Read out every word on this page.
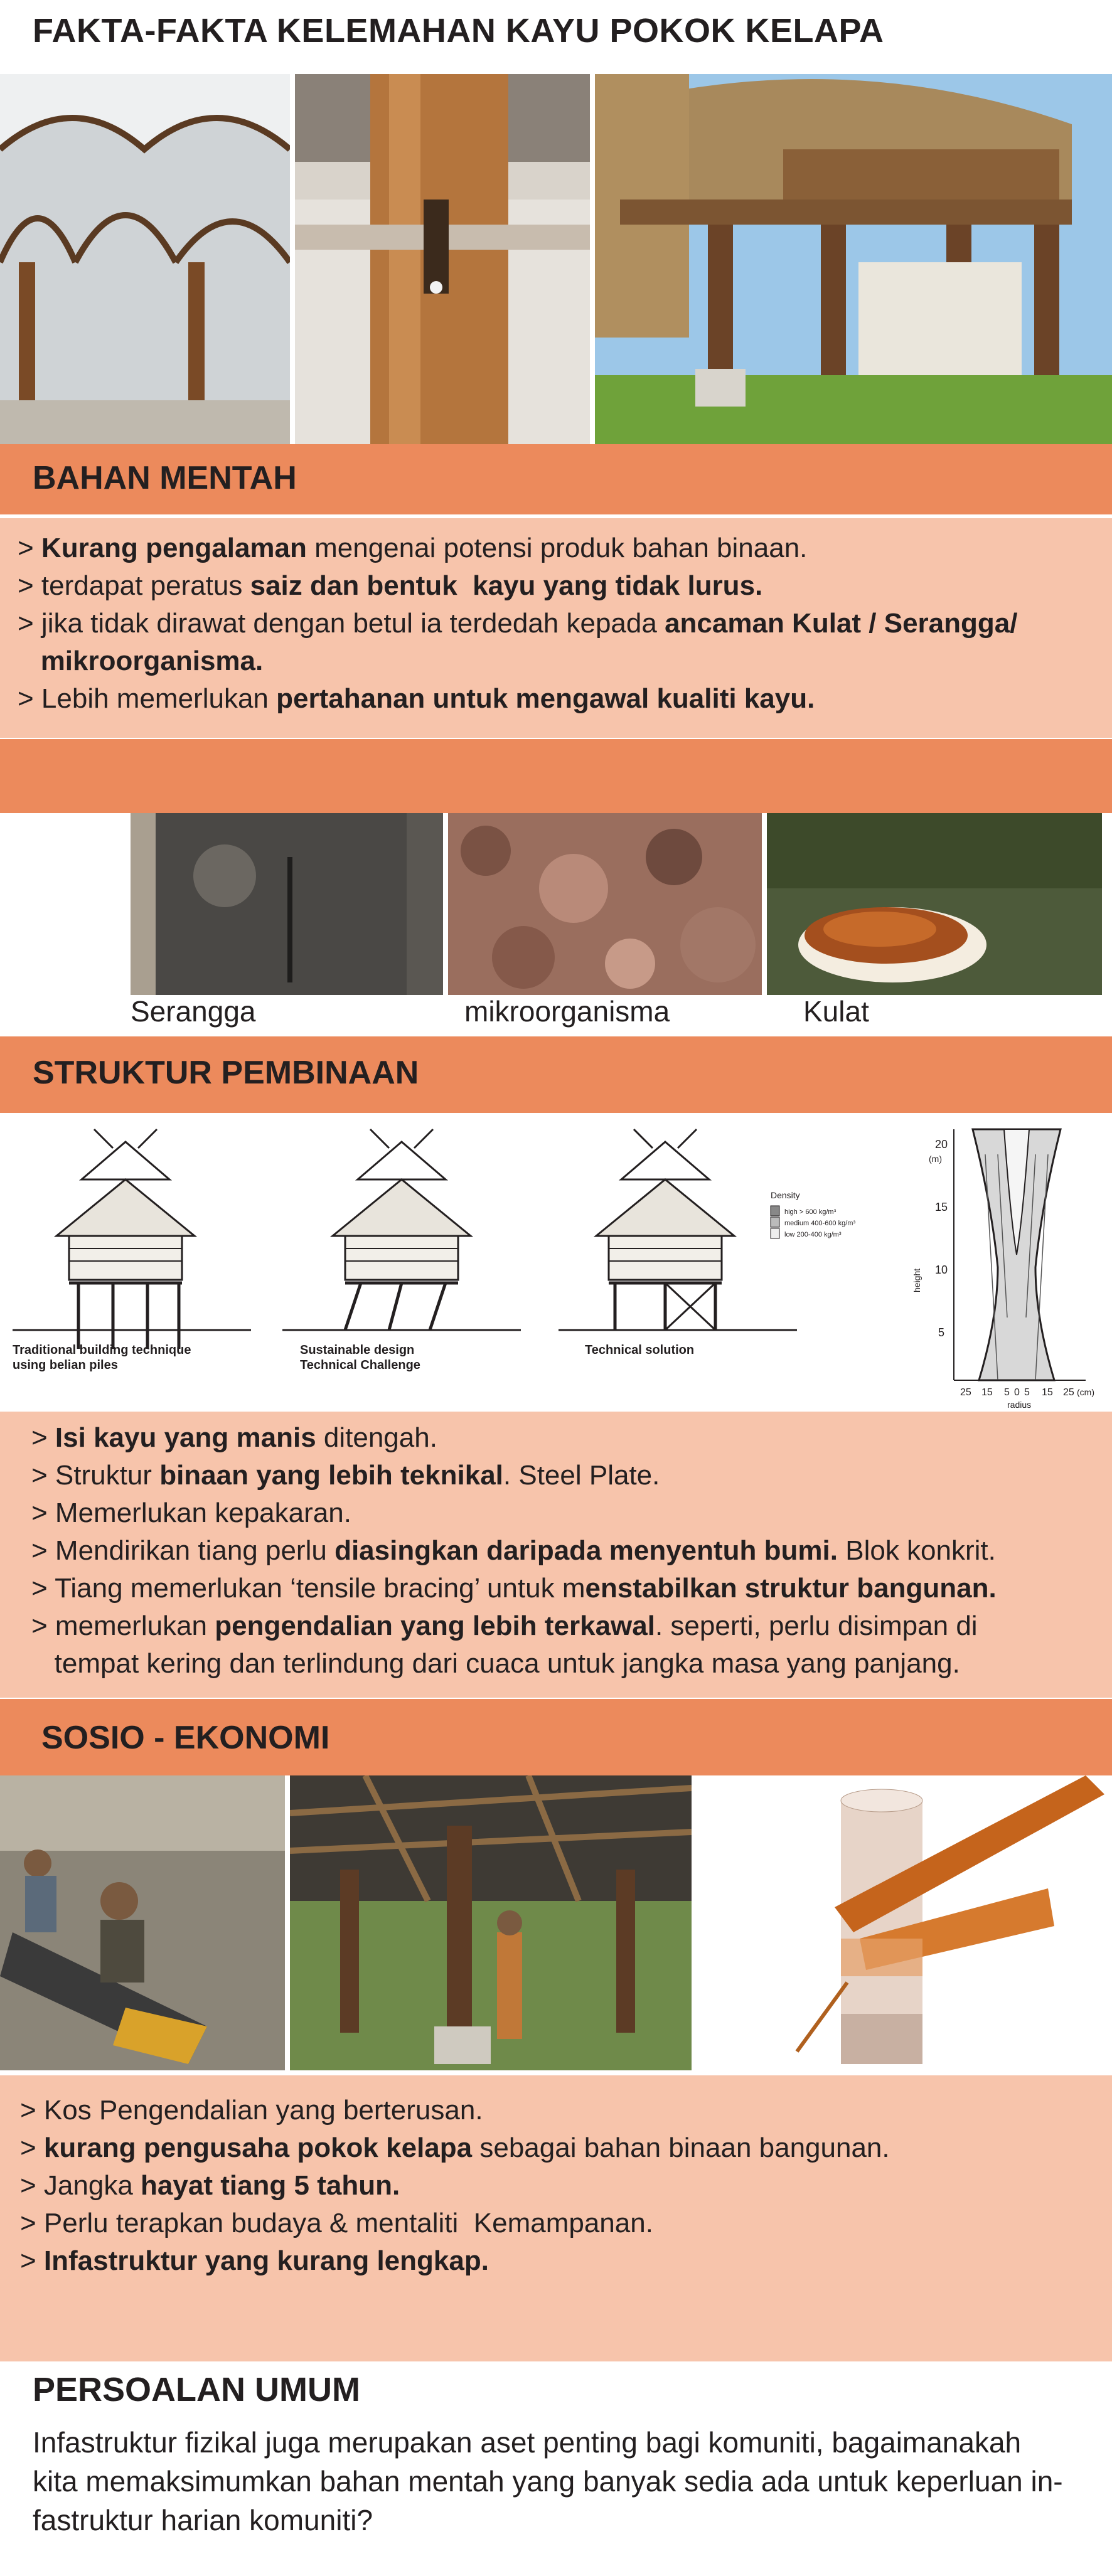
FAKTA-FAKTA KELEMAHAN KAYU POKOK KELAPA
BAHAN MENTAH

> Kurang pengalaman mengenai potensi produk bahan binaan.

> terdapat peratus saiz dan bentuk  kayu yang tidak lurus.

> jika tidak dirawat dengan betul ia terdedah kepada ancaman Kulat / Serangga/

mikroorganisma.

> Lebih memerlukan pertahanan untuk mengawal kualiti kayu.

Serangga	mikroorganisma	Kulat
STRUKTUR PEMBINAAN
Density
high > 600 kg/m³
medium 400-600 kg/m³
low 200-400 kg/m³
Traditional building technique
using belian piles
Sustainable design
Technical Challenge
Technical solution
20
15
10
5
(m)
height
25 15 5 0 5 15 25 (cm)
radius

> Isi kayu yang manis ditengah.

> Struktur binaan yang lebih teknikal. Steel Plate.

> Memerlukan kepakaran.

> Mendirikan tiang perlu diasingkan daripada menyentuh bumi. Blok konkrit.

> Tiang memerlukan ‘tensile bracing’ untuk menstabilkan struktur bangunan.

> memerlukan pengendalian yang lebih terkawal. seperti, perlu disimpan di

tempat kering dan terlindung dari cuaca untuk jangka masa yang panjang.

SOSIO - EKONOMI

> Kos Pengendalian yang berterusan.

> kurang pengusaha pokok kelapa sebagai bahan binaan bangunan.

> Jangka hayat tiang 5 tahun.

> Perlu terapkan budaya & mentaliti  Kemampanan.

> Infastruktur yang kurang lengkap.

PERSOALAN UMUM

Infastruktur fizikal juga merupakan aset penting bagi komuniti, bagaimanakah

kita memaksimumkan bahan mentah yang banyak sedia ada untuk keperluan in-

fastruktur harian komuniti?
